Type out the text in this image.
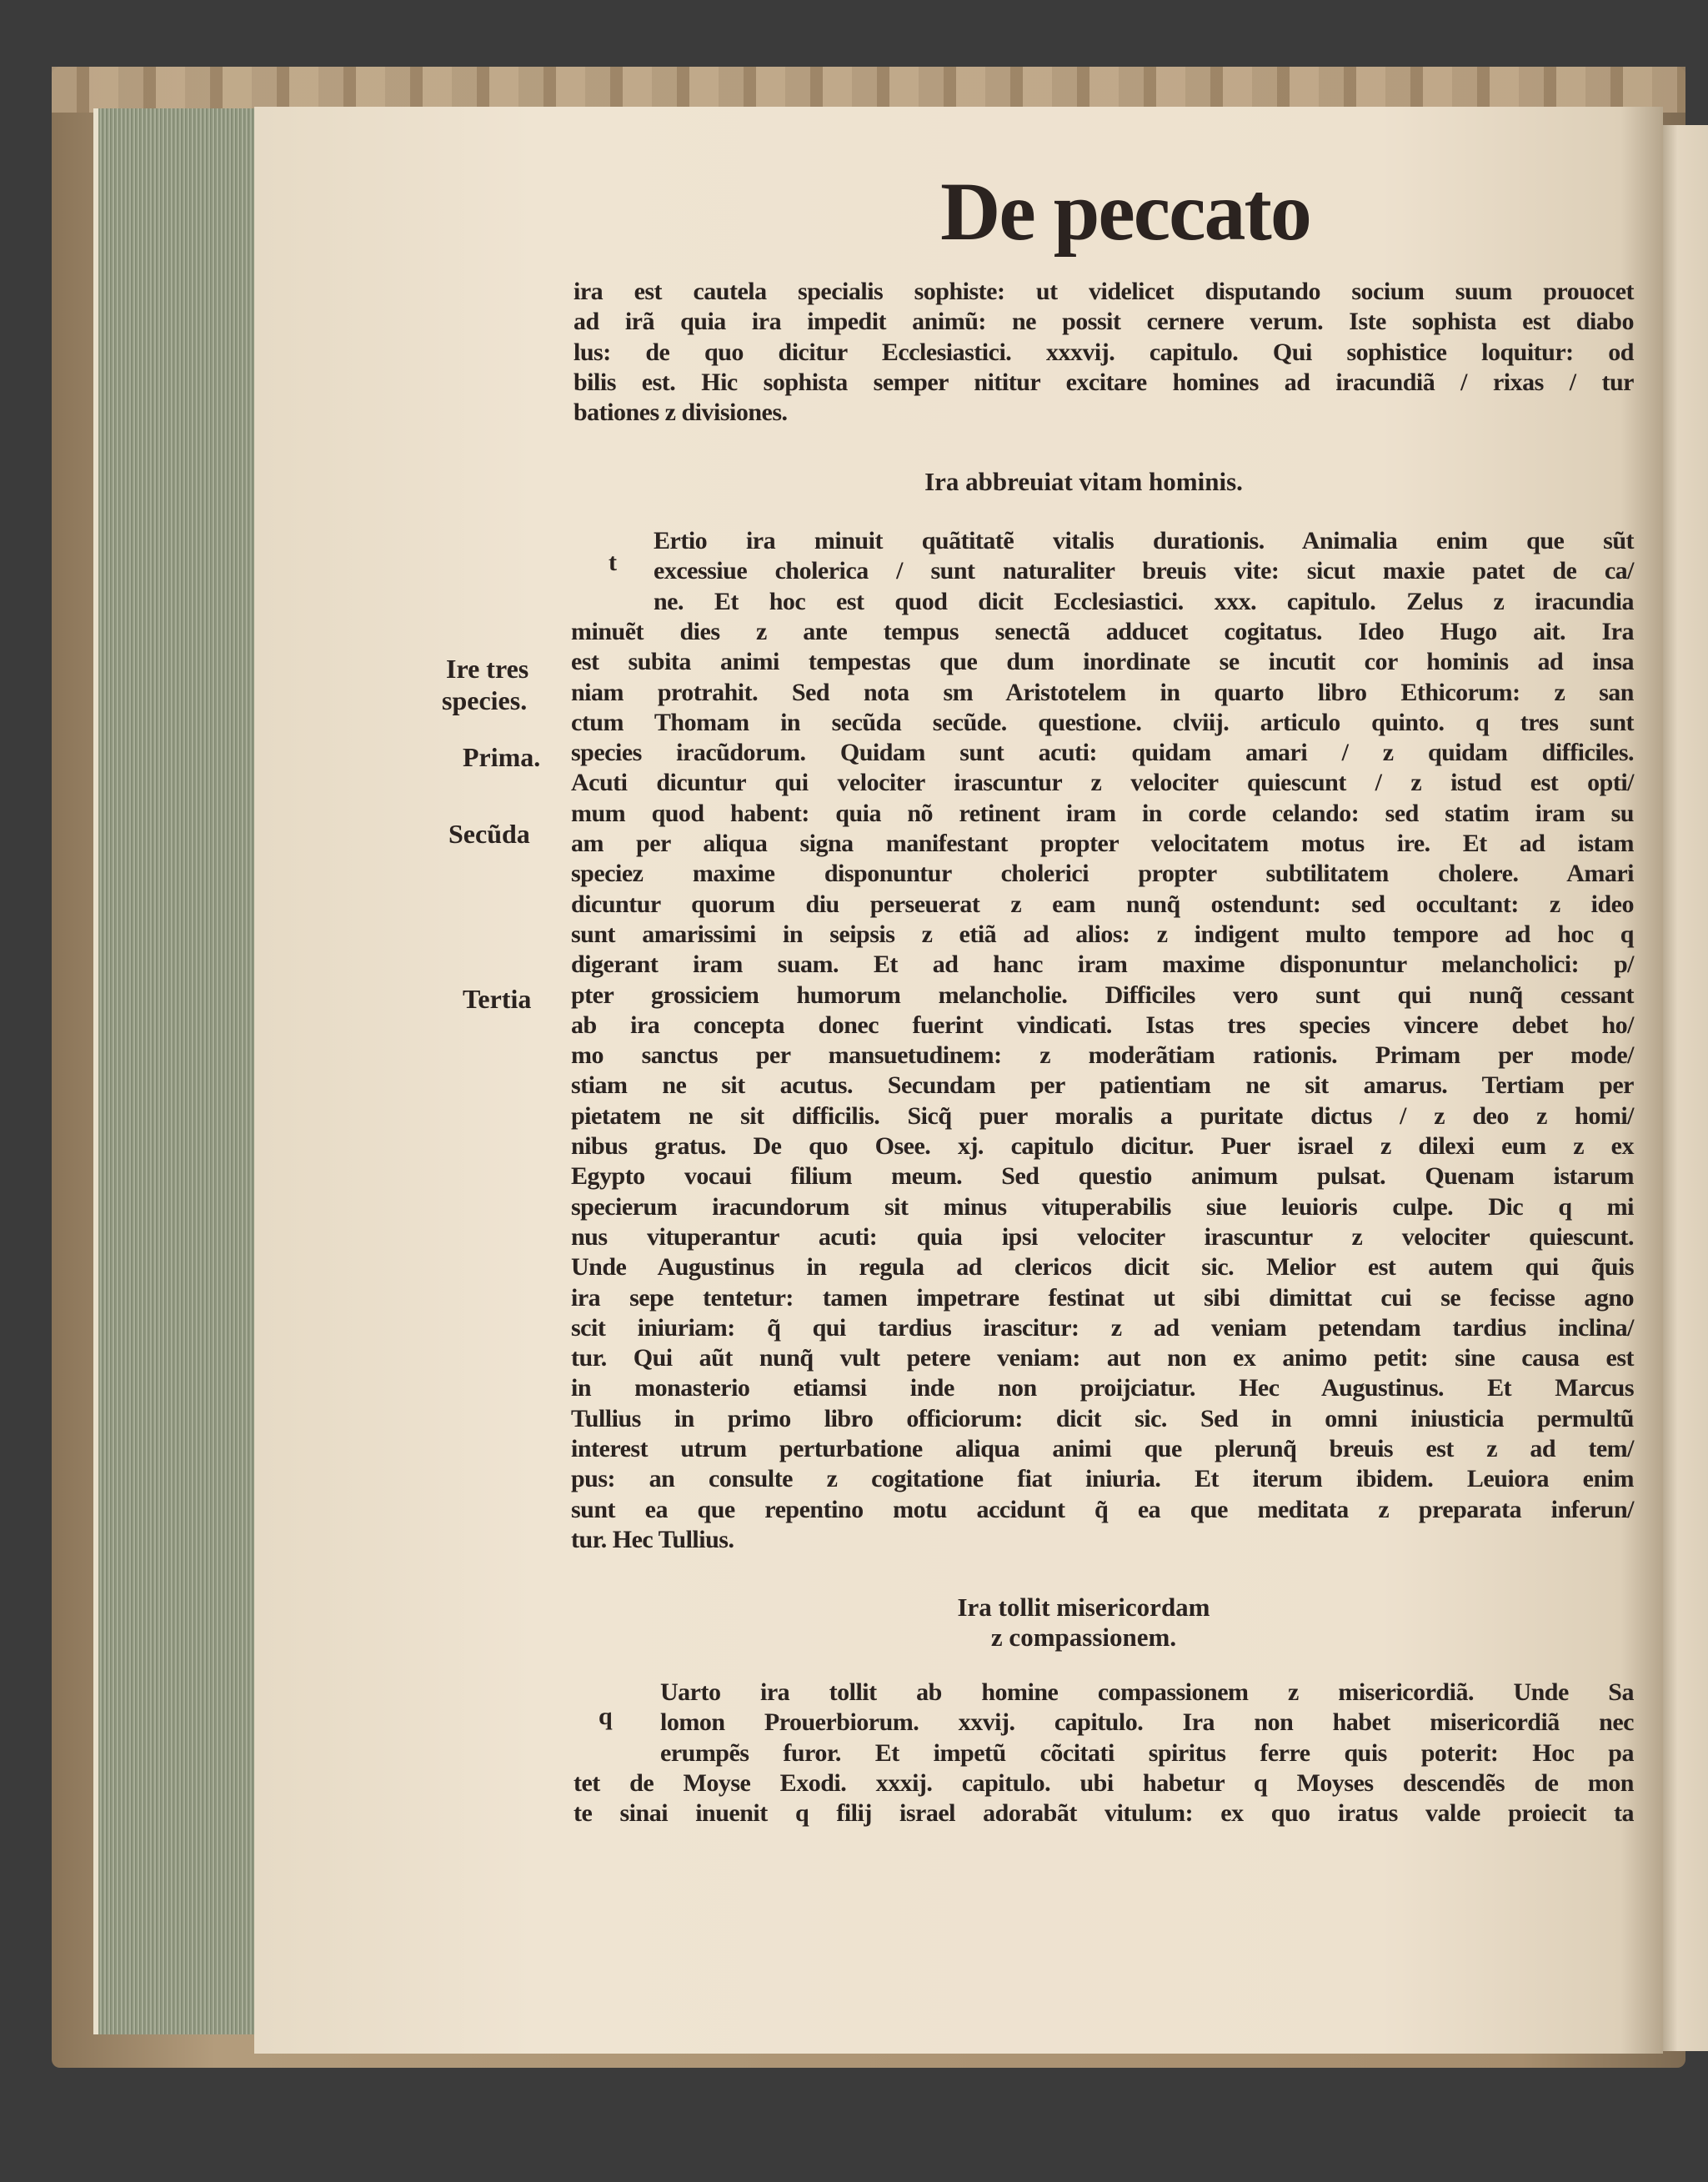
De peccato
Ira abbreuiat vitam hominis.
t
Ire tres
species.
Prima.
Secũda
Tertia
Ira tollit misericordam
z compassionem.
q
ira est cautela specialis sophiste: ut videlicet disputando socium suum prouocet
ad irã quia ira impedit animũ: ne possit cernere verum. Iste sophista est diabo
lus: de quo dicitur Ecclesiastici. xxxvij. capitulo. Qui sophistice loquitur: od
bilis est. Hic sophista semper nititur excitare homines ad iracundiã / rixas / tur
bationes z divisiones.
Ertio ira minuit quãtitatẽ vitalis durationis. Animalia enim que sũt
excessiue cholerica / sunt naturaliter breuis vite: sicut maxie patet de ca/
ne. Et hoc est quod dicit Ecclesiastici. xxx. capitulo. Zelus z iracundia
minuẽt dies z ante tempus senectã adducet cogitatus. Ideo Hugo ait. Ira
est subita animi tempestas que dum inordinate se incutit cor hominis ad insa
niam protrahit. Sed nota sm Aristotelem in quarto libro Ethicorum: z san
ctum Thomam in secũda secũde. questione. clviij. articulo quinto. q tres sunt
species iracũdorum. Quidam sunt acuti: quidam amari / z quidam difficiles.
Acuti dicuntur qui velociter irascuntur z velociter quiescunt / z istud est opti/
mum quod habent: quia nõ retinent iram in corde celando: sed statim iram su
am per aliqua signa manifestant propter velocitatem motus ire. Et ad istam
speciez maxime disponuntur cholerici propter subtilitatem cholere. Amari
dicuntur quorum diu perseuerat z eam nunq̃ ostendunt: sed occultant: z ideo
sunt amarissimi in seipsis z etiã ad alios: z indigent multo tempore ad hoc q
digerant iram suam. Et ad hanc iram maxime disponuntur melancholici: p/
pter grossiciem humorum melancholie. Difficiles vero sunt qui nunq̃ cessant
ab ira concepta donec fuerint vindicati. Istas tres species vincere debet ho/
mo sanctus per mansuetudinem: z moderãtiam rationis. Primam per mode/
stiam ne sit acutus. Secundam per patientiam ne sit amarus. Tertiam per
pietatem ne sit difficilis. Sicq̃ puer moralis a puritate dictus / z deo z homi/
nibus gratus. De quo Osee. xj. capitulo dicitur. Puer israel z dilexi eum z ex
Egypto vocaui filium meum. Sed questio animum pulsat. Quenam istarum
specierum iracundorum sit minus vituperabilis siue leuioris culpe. Dic q mi
nus vituperantur acuti: quia ipsi velociter irascuntur z velociter quiescunt.
Unde Augustinus in regula ad clericos dicit sic. Melior est autem qui q̃uis
ira sepe tentetur: tamen impetrare festinat ut sibi dimittat cui se fecisse agno
scit iniuriam: q̃ qui tardius irascitur: z ad veniam petendam tardius inclina/
tur. Qui aũt nunq̃ vult petere veniam: aut non ex animo petit: sine causa est
in monasterio etiamsi inde non proijciatur. Hec Augustinus. Et Marcus
Tullius in primo libro officiorum: dicit sic. Sed in omni iniusticia permultũ
interest utrum perturbatione aliqua animi que plerunq̃ breuis est z ad tem/
pus: an consulte z cogitatione fiat iniuria. Et iterum ibidem. Leuiora enim
sunt ea que repentino motu accidunt q̃ ea que meditata z preparata inferun/
tur. Hec Tullius.
Uarto ira tollit ab homine compassionem z misericordiã. Unde Sa
lomon Prouerbiorum. xxvij. capitulo. Ira non habet misericordiã nec
erumpẽs furor. Et impetũ cõcitati spiritus ferre quis poterit: Hoc pa
tet de Moyse Exodi. xxxij. capitulo. ubi habetur q Moyses descendẽs de mon
te sinai inuenit q filij israel adorabãt vitulum: ex quo iratus valde proiecit ta
